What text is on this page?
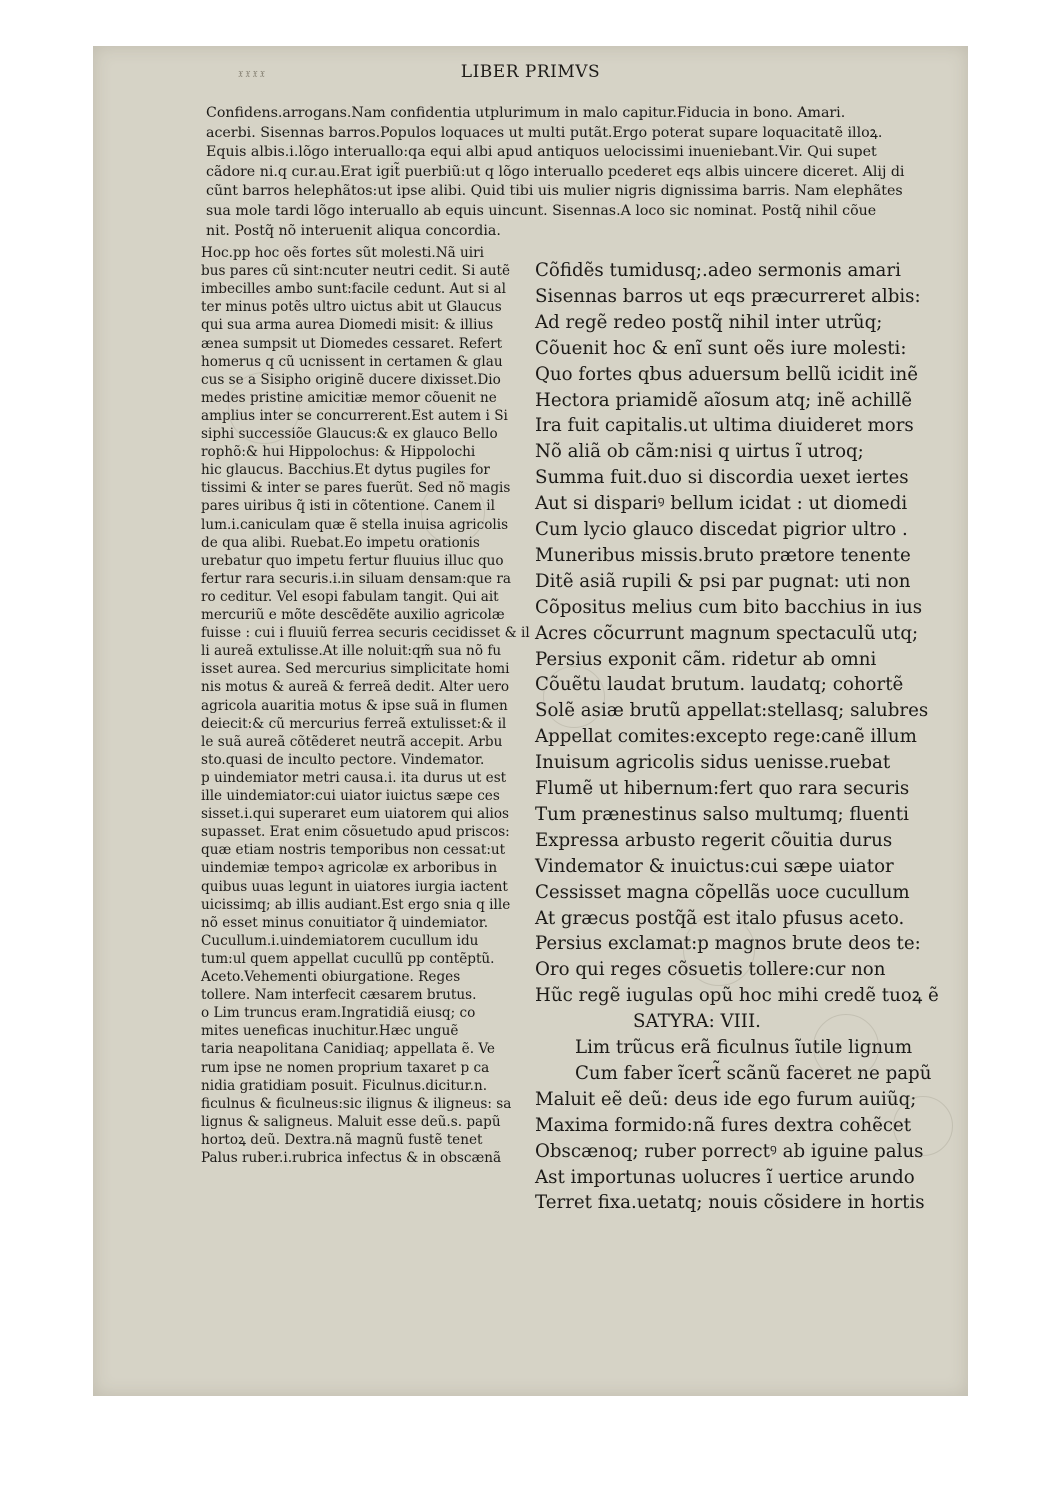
𝔵𝔵𝔵𝔵	LIBER PRIMVS
Confidens.arrogans.Nam confidentia utplurimum in malo capitur.Fiducia in bono. Amari.
acerbi. Sisennas barros.Populos loquaces ut multi putãt.Ergo poterat supare loquacitatẽ illoꝝ.
Equis albis.i.lõgo interuallo:qa equi albi apud antiquos uelocissimi inueniebant.Vir. Qui supet
cãdore ni.q cur.au.Erat igit̃ puerbiũ:ut q lõgo interuallo pcederet eqs albis uincere diceret. Alij di
cũnt barros helephãtos:ut ipse alibi. Quid tibi uis mulier nigris dignissima barris. Nam elephãtes
sua mole tardi lõgo interuallo ab equis uincunt. Sisennas.A loco sic nominat. Postq̃ nihil cõue
nit. Postq̃ nõ interuenit aliqua concordia.
Hoc.pp hoc oẽs fortes sũt molesti.Nã uiri
bus pares cũ sint:ncuter neutri cedit. Si autẽ
imbecilles ambo sunt:facile cedunt. Aut si al
ter minus potẽs ultro uictus abit ut Glaucus
qui sua arma aurea Diomedi misit: & illius
ænea sumpsit ut Diomedes cessaret. Refert
homerus q cũ ucnissent in certamen & glau
cus se a Sisipho originẽ ducere dixisset.Dio
medes pristine amicitiæ memor cõuenit ne
amplius inter se concurrerent.Est autem i Si
siphi successiõe Glaucus:& ex glauco Bello
rophõ:& hui Hippolochus: & Hippolochi
hic glaucus. Bacchius.Et dytus pugiles for
tissimi & inter se pares fuerũt. Sed nõ magis
pares uiribus q̃ isti in cõtentione. Canem il
lum.i.caniculam quæ ẽ stella inuisa agricolis
de qua alibi. Ruebat.Eo impetu orationis
urebatur quo impetu fertur fluuius illuc quo
fertur rara securis.i.in siluam densam:que ra
ro ceditur. Vel esopi fabulam tangit. Qui ait
mercuriũ e mõte descẽdẽte auxilio agricolæ
fuisse : cui i fluuiũ ferrea securis cecidisset & il
li aureã extulisse.At ille noluit:qm̃ sua nõ fu
isset aurea. Sed mercurius simplicitate homi
nis motus & aureã & ferreã dedit. Alter uero
agricola auaritia motus & ipse suã in flumen
deiecit:& cũ mercurius ferreã extulisset:& il
le suã aureã cõtẽderet neutrã accepit. Arbu
sto.quasi de inculto pectore. Vindemator.
p uindemiator metri causa.i. ita durus ut est
ille uindemiator:cui uiator iuictus sæpe ces
sisset.i.qui superaret eum uiatorem qui alios
supasset. Erat enim cõsuetudo apud priscos:
quæ etiam nostris temporibus non cessat:ut
uindemiæ tempoꝛ agricolæ ex arboribus in
quibus uuas legunt in uiatores iurgia iactent
uicissimq; ab illis audiant.Est ergo snia q ille
nõ esset minus conuitiator q̃ uindemiator.
Cucullum.i.uindemiatorem cucullum idu
tum:ul quem appellat cucullũ pp contẽptũ.
Aceto.Vehementi obiurgatione. Reges
tollere. Nam interfecit cæsarem brutus.
o Lim truncus eram.Ingratidiã eiusq; co
mites ueneficas inuchitur.Hæc unguẽ
taria neapolitana Canidiaq; appellata ẽ. Ve
rum ipse ne nomen proprium taxaret p ca
nidia gratidiam posuit. Ficulnus.dicitur.n.
ficulnus & ficulneus:sic ilignus & iligneus: sa
lignus & saligneus. Maluit esse deũ.s. papũ
hortoꝝ deũ. Dextra.nã magnũ fustẽ tenet
Palus ruber.i.rubrica infectus & in obscænã
Cõfidẽs tumidusq;.adeo sermonis amari
Sisennas barros ut eqs præcurreret albis:
Ad regẽ redeo postq̃ nihil inter utrũq;
Cõuenit hoc & enĩ sunt oẽs iure molesti:
Quo fortes qbus aduersum bellũ icidit inẽ
Hectora priamidẽ aĩosum atq; inẽ achillẽ
Ira fuit capitalis.ut ultima diuideret mors
Nõ aliã ob cãm:nisi q uirtus ĩ utroq;
Summa fuit.duo si discordia uexet iertes
Aut si dispariꝰ bellum icidat : ut diomedi
Cum lycio glauco discedat pigrior ultro .
Muneribus missis.bruto prætore tenente
Ditẽ asiã rupili & psi par pugnat: uti non
Cõpositus melius cum bito bacchius in ius
Acres cõcurrunt magnum spectaculũ utq;
Persius exponit cãm. ridetur ab omni
Cõuẽtu laudat brutum. laudatq; cohortẽ
Solẽ asiæ brutũ appellat:stellasq; salubres
Appellat comites:excepto rege:canẽ illum
Inuisum agricolis sidus uenisse.ruebat
Flumẽ ut hibernum:fert quo rara securis
Tum prænestinus salso multumq; fluenti
Expressa arbusto regerit cõuitia durus
Vindemator & inuictus:cui sæpe uiator
Cessisset magna cõpellãs uoce cucullum
At græcus postq̃ã est italo pfusus aceto.
Persius exclamat:p magnos brute deos te:
Oro qui reges cõsuetis tollere:cur non
Hũc regẽ iugulas opũ hoc mihi credẽ tuoꝝ ẽ
SATYRA: VIII.
Lim trũcus erã ficulnus ĩutile lignum
Cum faber ĩcert̃ scãnũ faceret ne papũ
Maluit eẽ deũ: deus ide ego furum auiũq;
Maxima formido:nã fures dextra cohẽcet
Obscænoq; ruber porrectꝰ ab iguine palus
Ast importunas uolucres ĩ uertice arundo
Terret fixa.uetatq; nouis cõsidere in hortis
